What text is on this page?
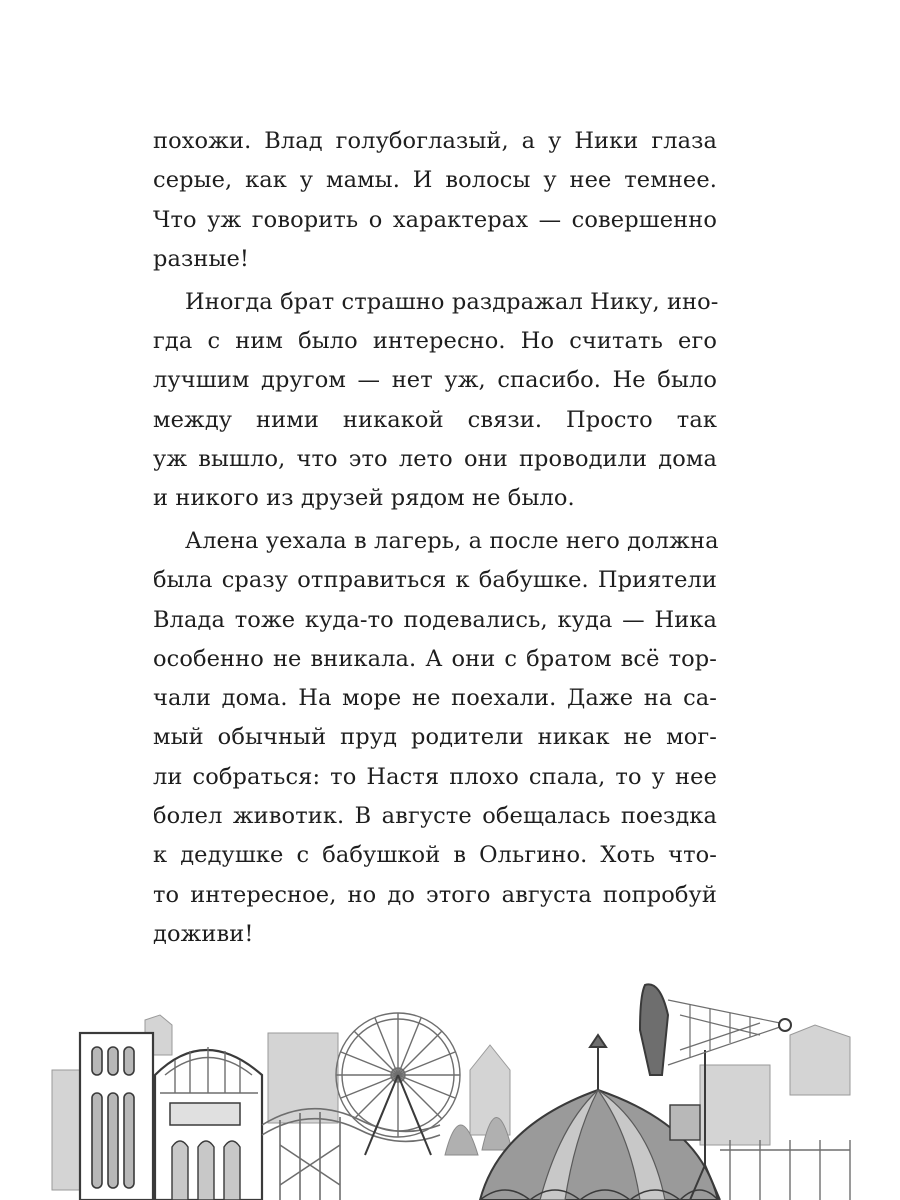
похожи. Влад голубоглазый, а у Ники глаза
серые, как у мамы. И волосы у нее темнее.
Что уж говорить о характерах — совершенно
разные!
Иногда брат страшно раздражал Нику, ино-
гда с ним было интересно. Но считать его
лучшим другом — нет уж, спасибо. Не было
между ними никакой связи. Просто так
уж вышло, что это лето они проводили дома
и никого из друзей рядом не было.
Алена уехала в лагерь, а после него должна
была сразу отправиться к бабушке. Приятели
Влада тоже куда-то подевались, куда — Ника
особенно не вникала. А они с братом всё тор-
чали дома. На море не поехали. Даже на са-
мый обычный пруд родители никак не мог-
ли собраться: то Настя плохо спала, то у нее
болел животик. В августе обещалась поездка
к дедушке с бабушкой в Ольгино. Хоть что-
то интересное, но до этого августа попробуй
доживи!
